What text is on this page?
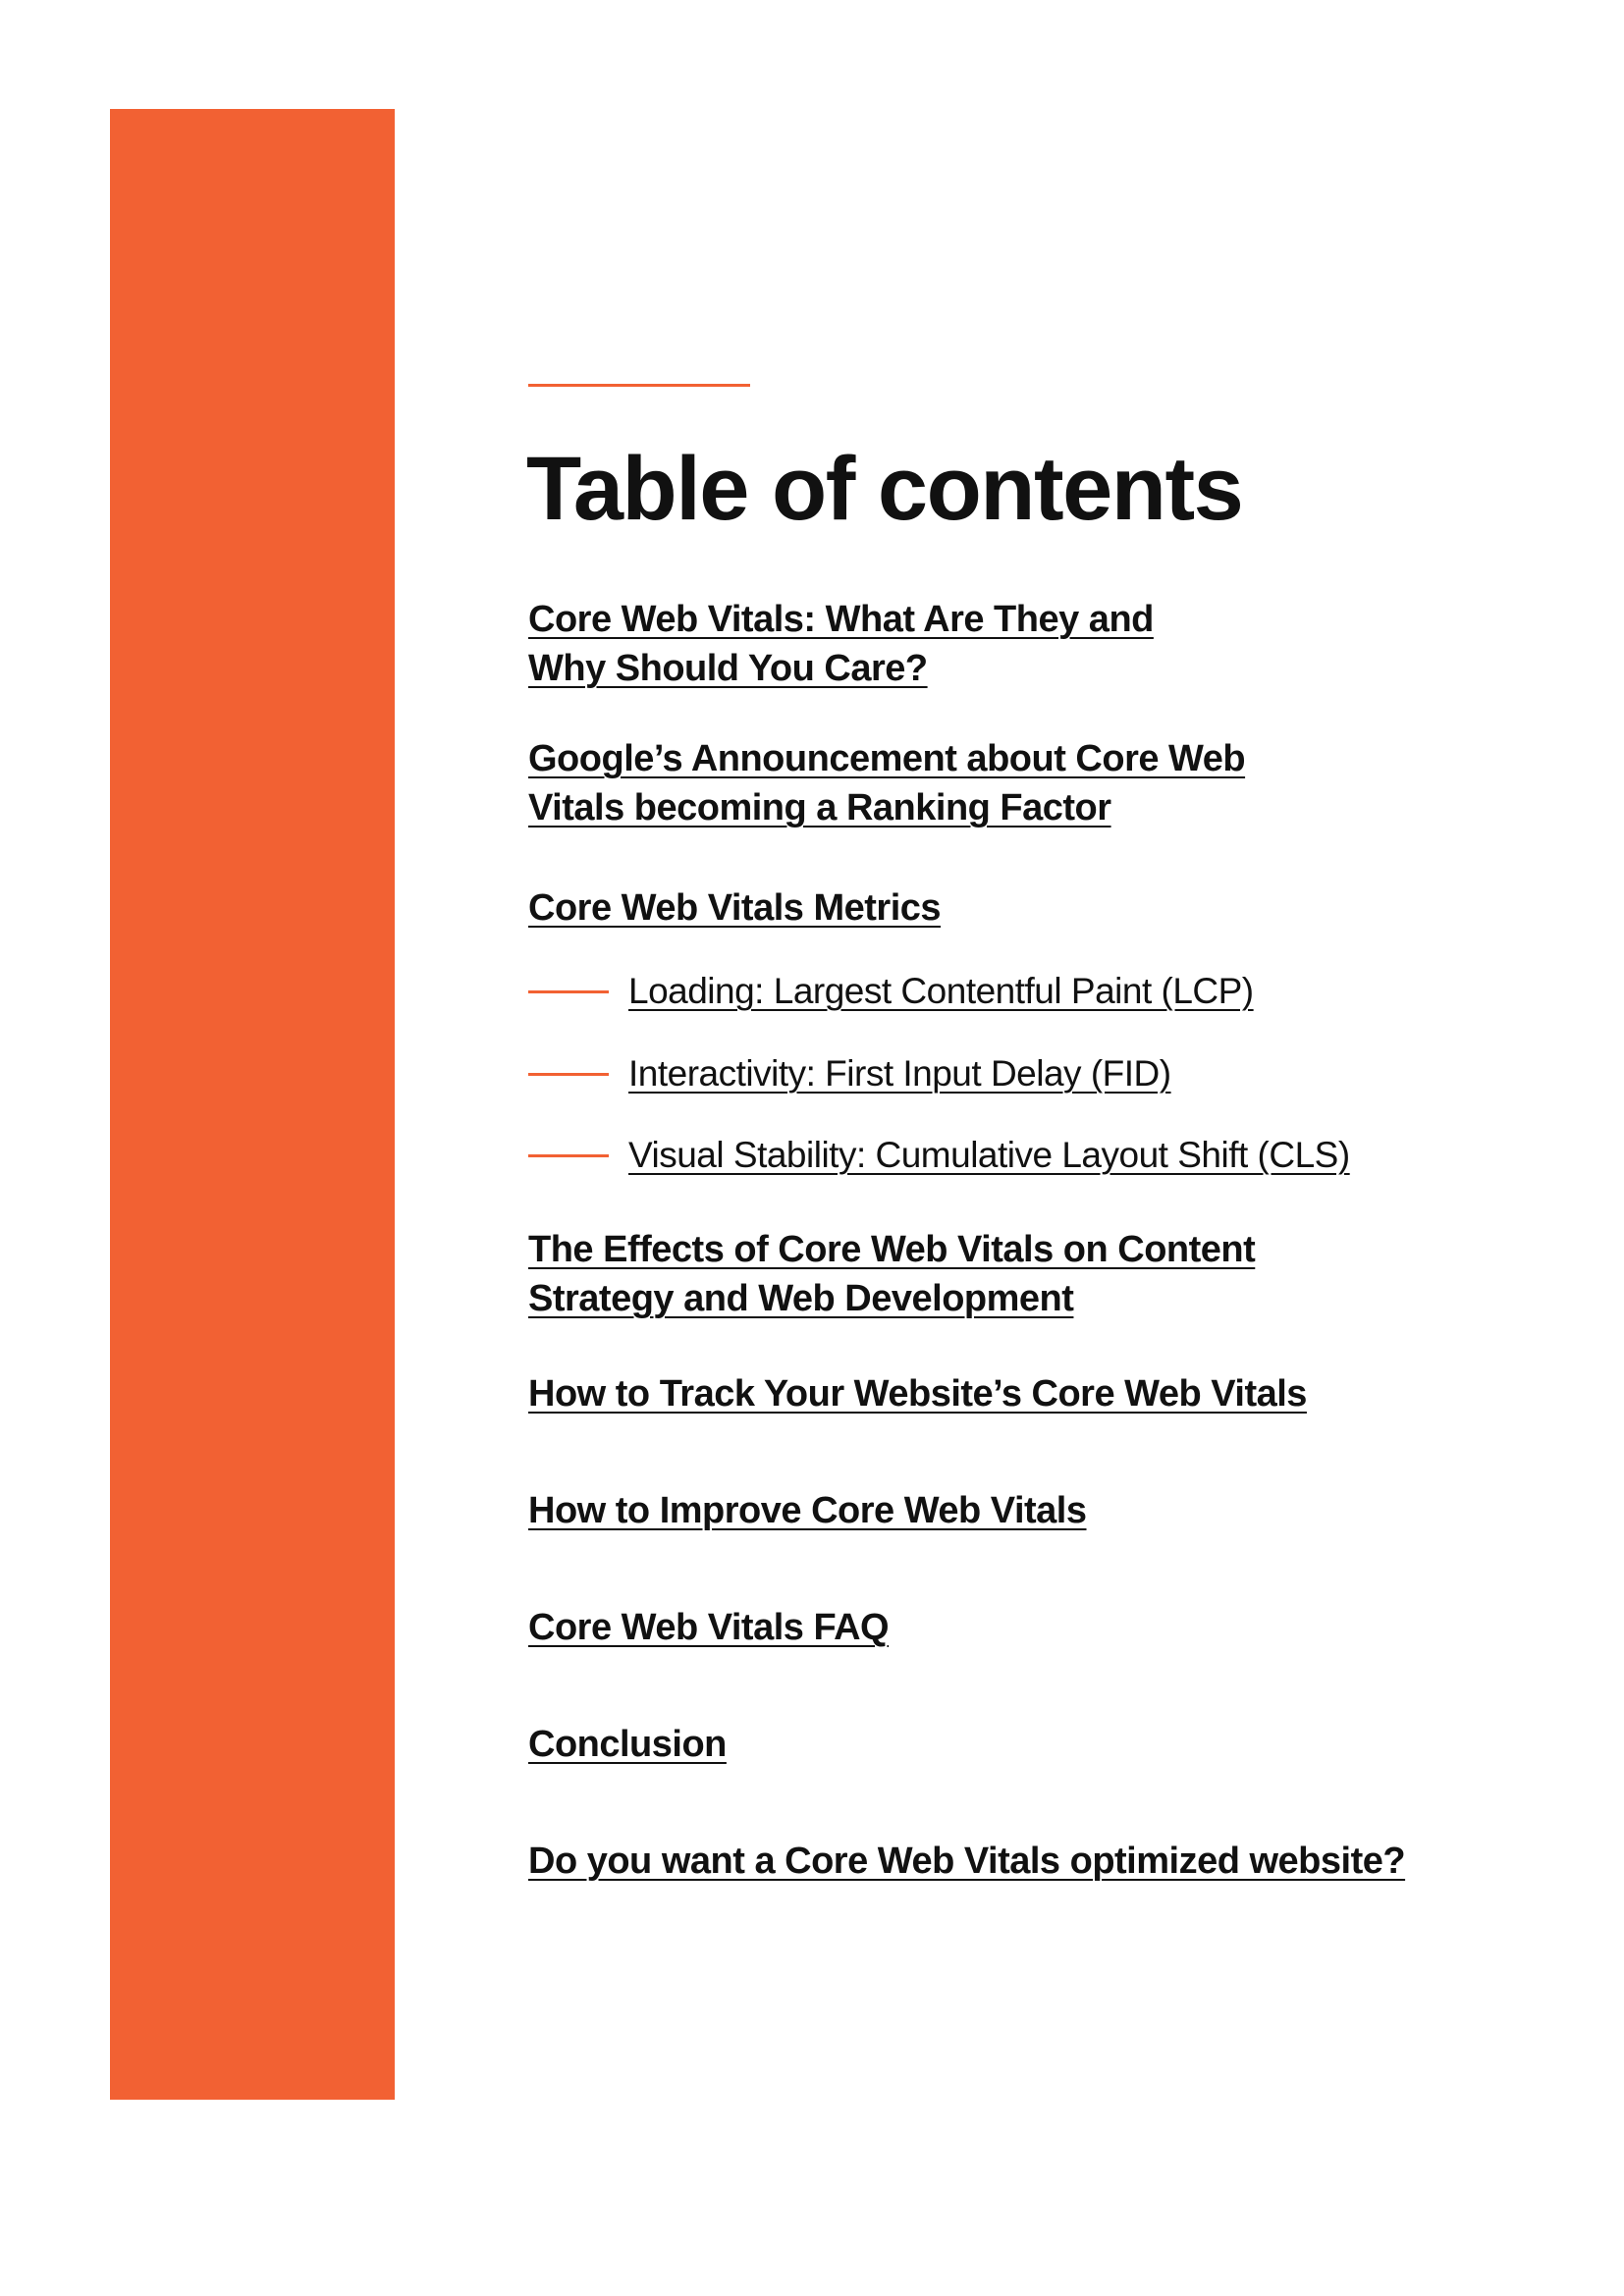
Table of contents
Core Web Vitals: What Are They and
Why Should You Care?
Google’s Announcement about Core Web
Vitals becoming a Ranking Factor
Core Web Vitals Metrics
Loading: Largest Contentful Paint (LCP)
Interactivity: First Input Delay (FID)
Visual Stability: Cumulative Layout Shift (CLS)
The Effects of Core Web Vitals on Content
Strategy and Web Development
How to Track Your Website’s Core Web Vitals
How to Improve Core Web Vitals
Core Web Vitals FAQ
Conclusion
Do you want a Core Web Vitals optimized website?
